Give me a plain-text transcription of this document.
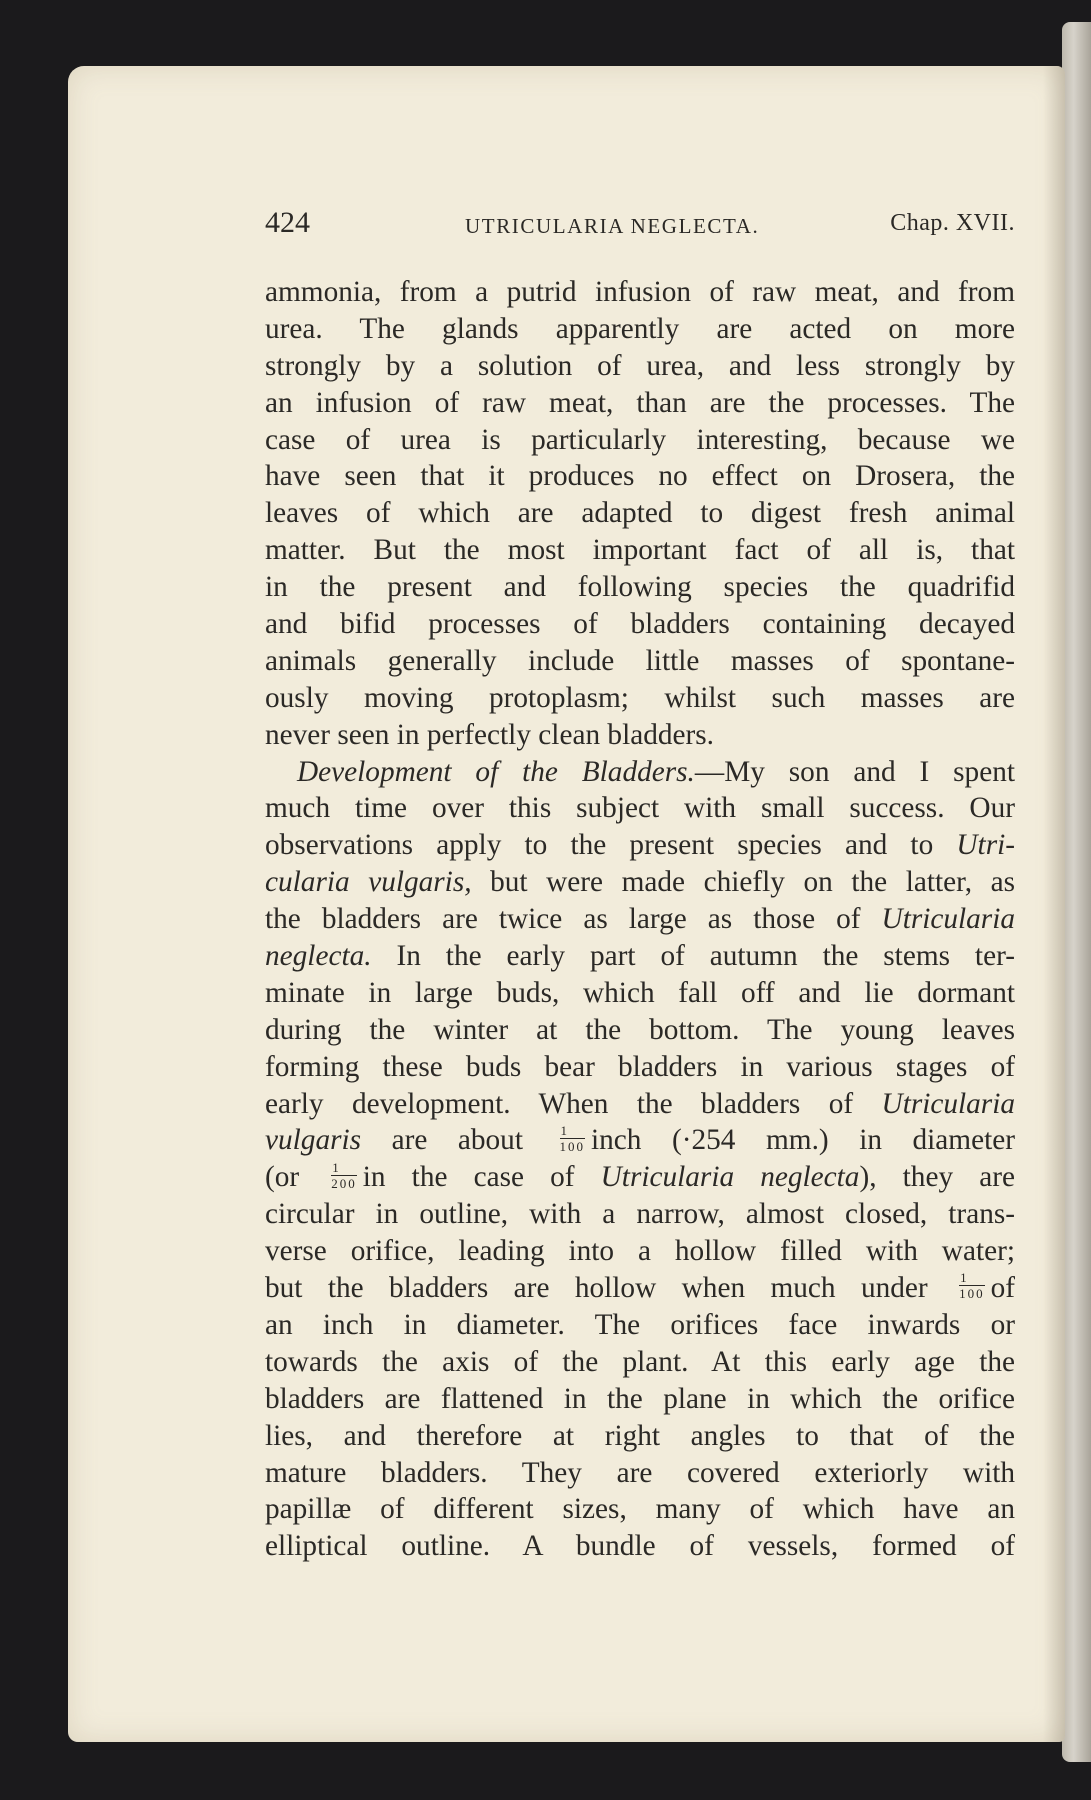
424	UTRICULARIA NEGLECTA.	Chap. XVII.
ammonia, from a putrid infusion of raw meat, and from
urea. The glands apparently are acted on more
strongly by a solution of urea, and less strongly by
an infusion of raw meat, than are the processes. The
case of urea is particularly interesting, because we
have seen that it produces no effect on Drosera, the
leaves of which are adapted to digest fresh animal
matter. But the most important fact of all is, that
in the present and following species the quadrifid
and bifid processes of bladders containing decayed
animals generally include little masses of spontane-
ously moving protoplasm; whilst such masses are
never seen in perfectly clean bladders.
Development of the Bladders.—My son and I spent
much time over this subject with small success. Our
observations apply to the present species and to Utri-
cularia vulgaris, but were made chiefly on the latter, as
the bladders are twice as large as those of Utricularia
neglecta. In the early part of autumn the stems ter-
minate in large buds, which fall off and lie dormant
during the winter at the bottom. The young leaves
forming these buds bear bladders in various stages of
early development. When the bladders of Utricularia
vulgaris are about $\frac{1}{100}$ inch (·254 mm.) in diameter
($or \frac{1}{200}$ in the case of Utricularia neglecta), they are
circular in outline, with a narrow, almost closed, trans-
verse orifice, leading into a hollow filled with water;
but the bladders are hollow when much under $\frac{1}{100}$ of
an inch in diameter. The orifices face inwards or
towards the axis of the plant. At this early age the
bladders are flattened in the plane in which the orifice
lies, and therefore at right angles to that of the
mature bladders. They are covered exteriorly with
papillæ of different sizes, many of which have an
elliptical outline. A bundle of vessels, formed of
